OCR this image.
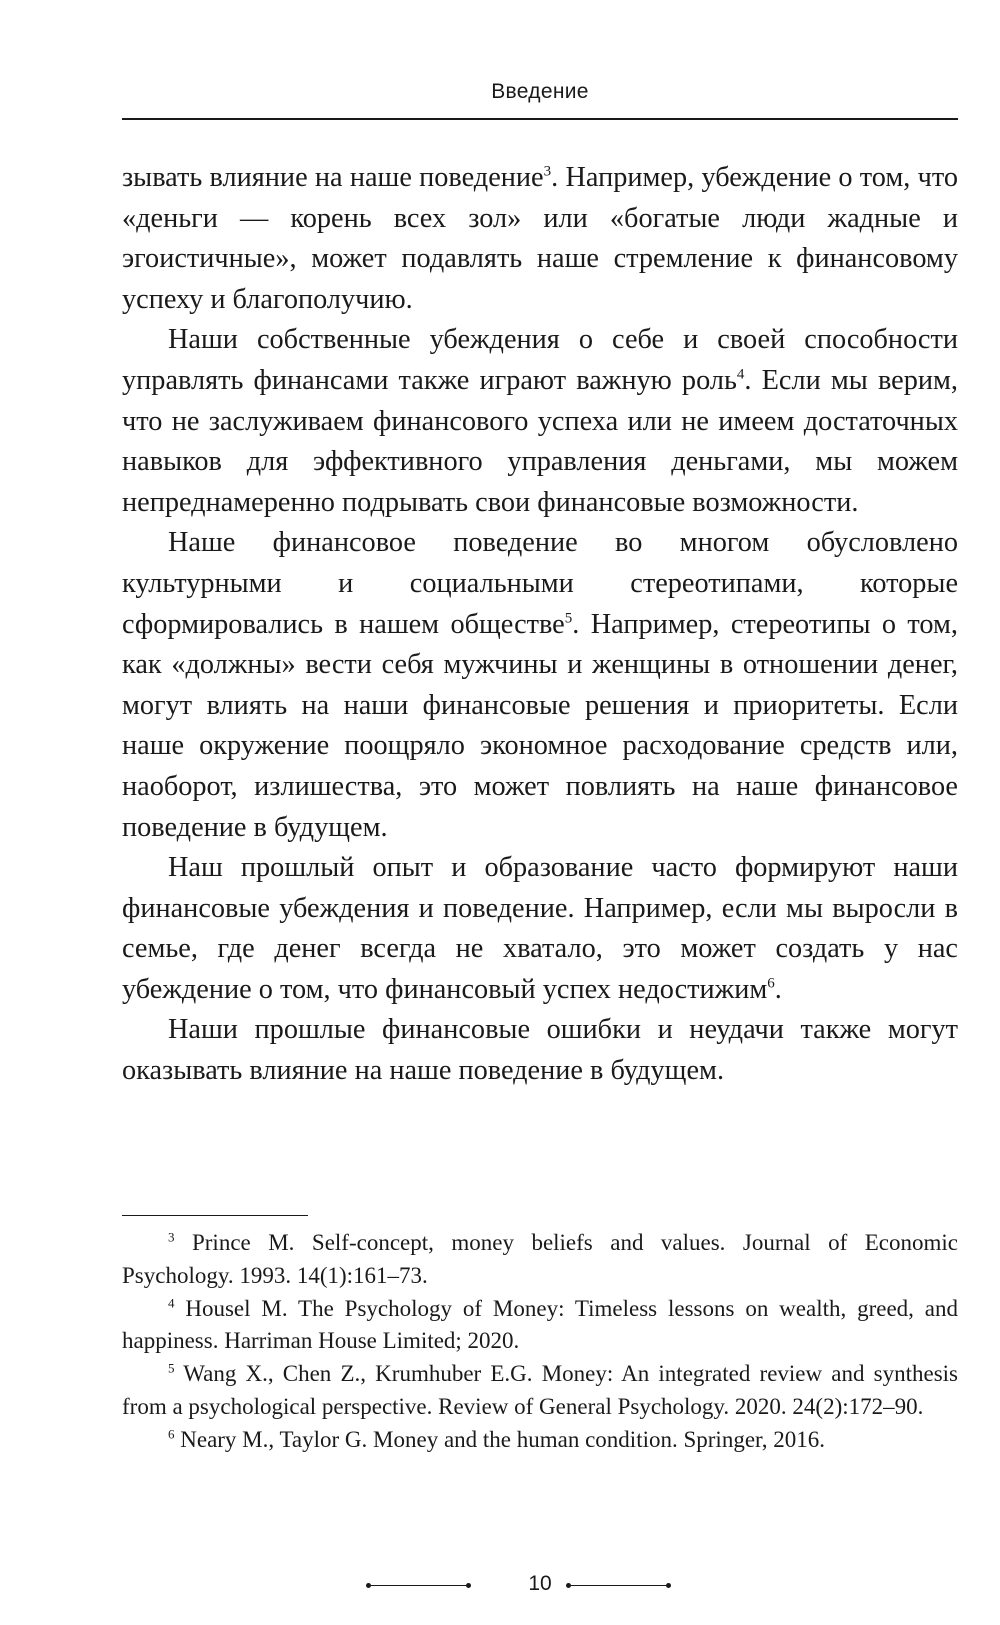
Введение

зывать влияние на наше поведение$^3$. Например, убеждение о том, что «деньги — корень всех зол» или «богатые люди жадные и эгоистичные», может подавлять наше стремление к финансовому успеху и благополучию.

Наши собственные убеждения о себе и своей способности управлять финансами также играют важную роль$^4$. Если мы верим, что не заслуживаем финансового успеха или не имеем достаточных навыков для эффективного управления деньгами, мы можем непреднамеренно подрывать свои финансовые возможности.

Наше финансовое поведение во многом обусловлено культурными и социальными стереотипами, которые сформировались в нашем обществе$^5$. Например, стереотипы о том, как «должны» вести себя мужчины и женщины в отношении денег, могут влиять на наши финансовые решения и приоритеты. Если наше окружение поощряло экономное расходование средств или, наоборот, излишества, это может повлиять на наше финансовое поведение в будущем.

Наш прошлый опыт и образование часто формируют наши финансовые убеждения и поведение. Например, если мы выросли в семье, где денег всегда не хватало, это может создать у нас убеждение о том, что финансовый успех недостижим$^6$.

Наши прошлые финансовые ошибки и неудачи также могут оказывать влияние на наше поведение в будущем.

$^3$ Prince M. Self-concept, money beliefs and values. Journal of Economic Psychology. 1993. 14(1):161–73.

$^4$ Housel M. The Psychology of Money: Timeless lessons on wealth, greed, and happiness. Harriman House Limited; 2020.

$^5$ Wang X., Chen Z., Krumhuber E.G. Money: An integrated review and synthesis from a psychological perspective. Review of General Psychology. 2020. 24(2):172–90.

$^6$ Neary M., Taylor G. Money and the human condition. Springer, 2016.

10
